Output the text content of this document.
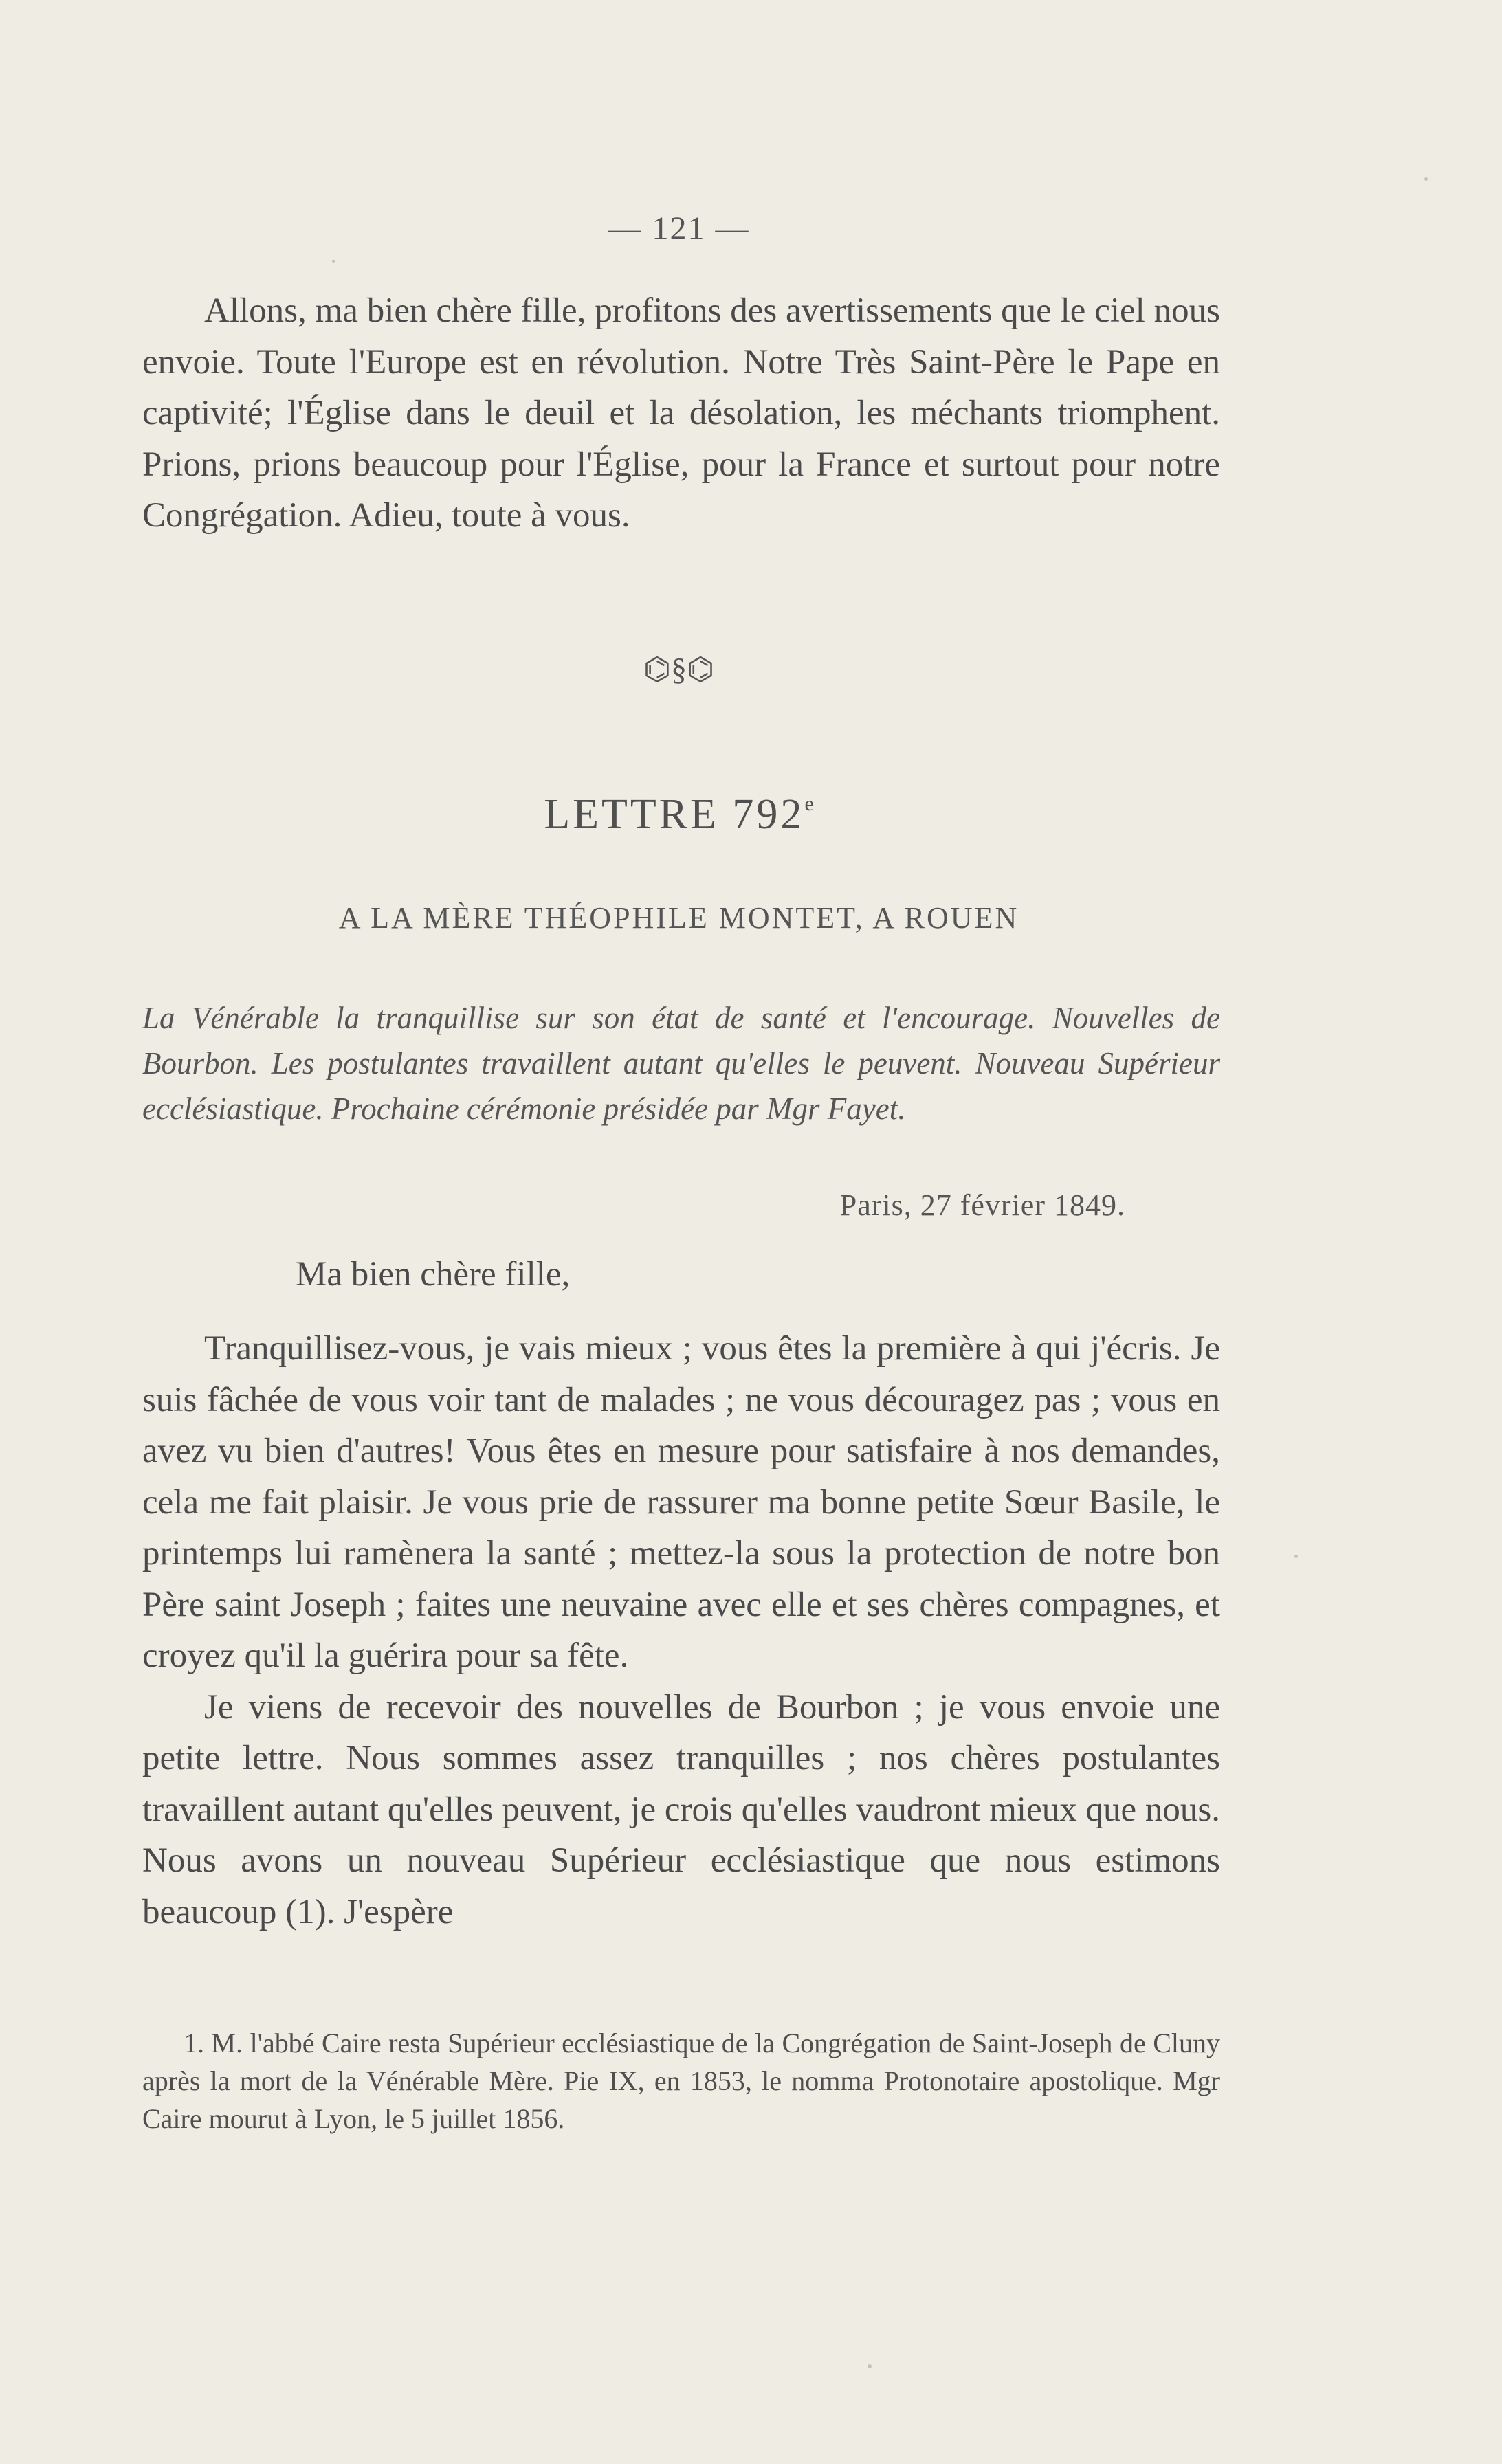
— 121 —

Allons, ma bien chère fille, profitons des avertissements que le ciel nous envoie. Toute l'Europe est en révolution. Notre Très Saint-Père le Pape en captivité; l'Église dans le deuil et la désolation, les méchants triomphent. Prions, prions beaucoup pour l'Église, pour la France et surtout pour notre Congrégation. Adieu, toute à vous.

⌬§⌬
LETTRE 792e
A LA MÈRE THÉOPHILE MONTET, A ROUEN

La Vénérable la tranquillise sur son état de santé et l'encourage. Nouvelles de Bourbon. Les postulantes travaillent autant qu'elles le peuvent. Nouveau Supérieur ecclésiastique. Prochaine cérémonie présidée par Mgr Fayet.

Paris, 27 février 1849.
Ma bien chère fille,

Tranquillisez-vous, je vais mieux ; vous êtes la première à qui j'écris. Je suis fâchée de vous voir tant de malades ; ne vous découragez pas ; vous en avez vu bien d'autres! Vous êtes en mesure pour satisfaire à nos demandes, cela me fait plaisir. Je vous prie de rassurer ma bonne petite Sœur Basile, le printemps lui ramènera la santé ; mettez-la sous la protection de notre bon Père saint Joseph ; faites une neuvaine avec elle et ses chères compagnes, et croyez qu'il la guérira pour sa fête.

Je viens de recevoir des nouvelles de Bourbon ; je vous envoie une petite lettre. Nous sommes assez tranquilles ; nos chères postulantes travaillent autant qu'elles peuvent, je crois qu'elles vaudront mieux que nous. Nous avons un nouveau Supérieur ecclésiastique que nous estimons beaucoup (1). J'espère

1. M. l'abbé Caire resta Supérieur ecclésiastique de la Congrégation de Saint-Joseph de Cluny après la mort de la Vénérable Mère. Pie IX, en 1853, le nomma Protonotaire apostolique. Mgr Caire mourut à Lyon, le 5 juillet 1856.
